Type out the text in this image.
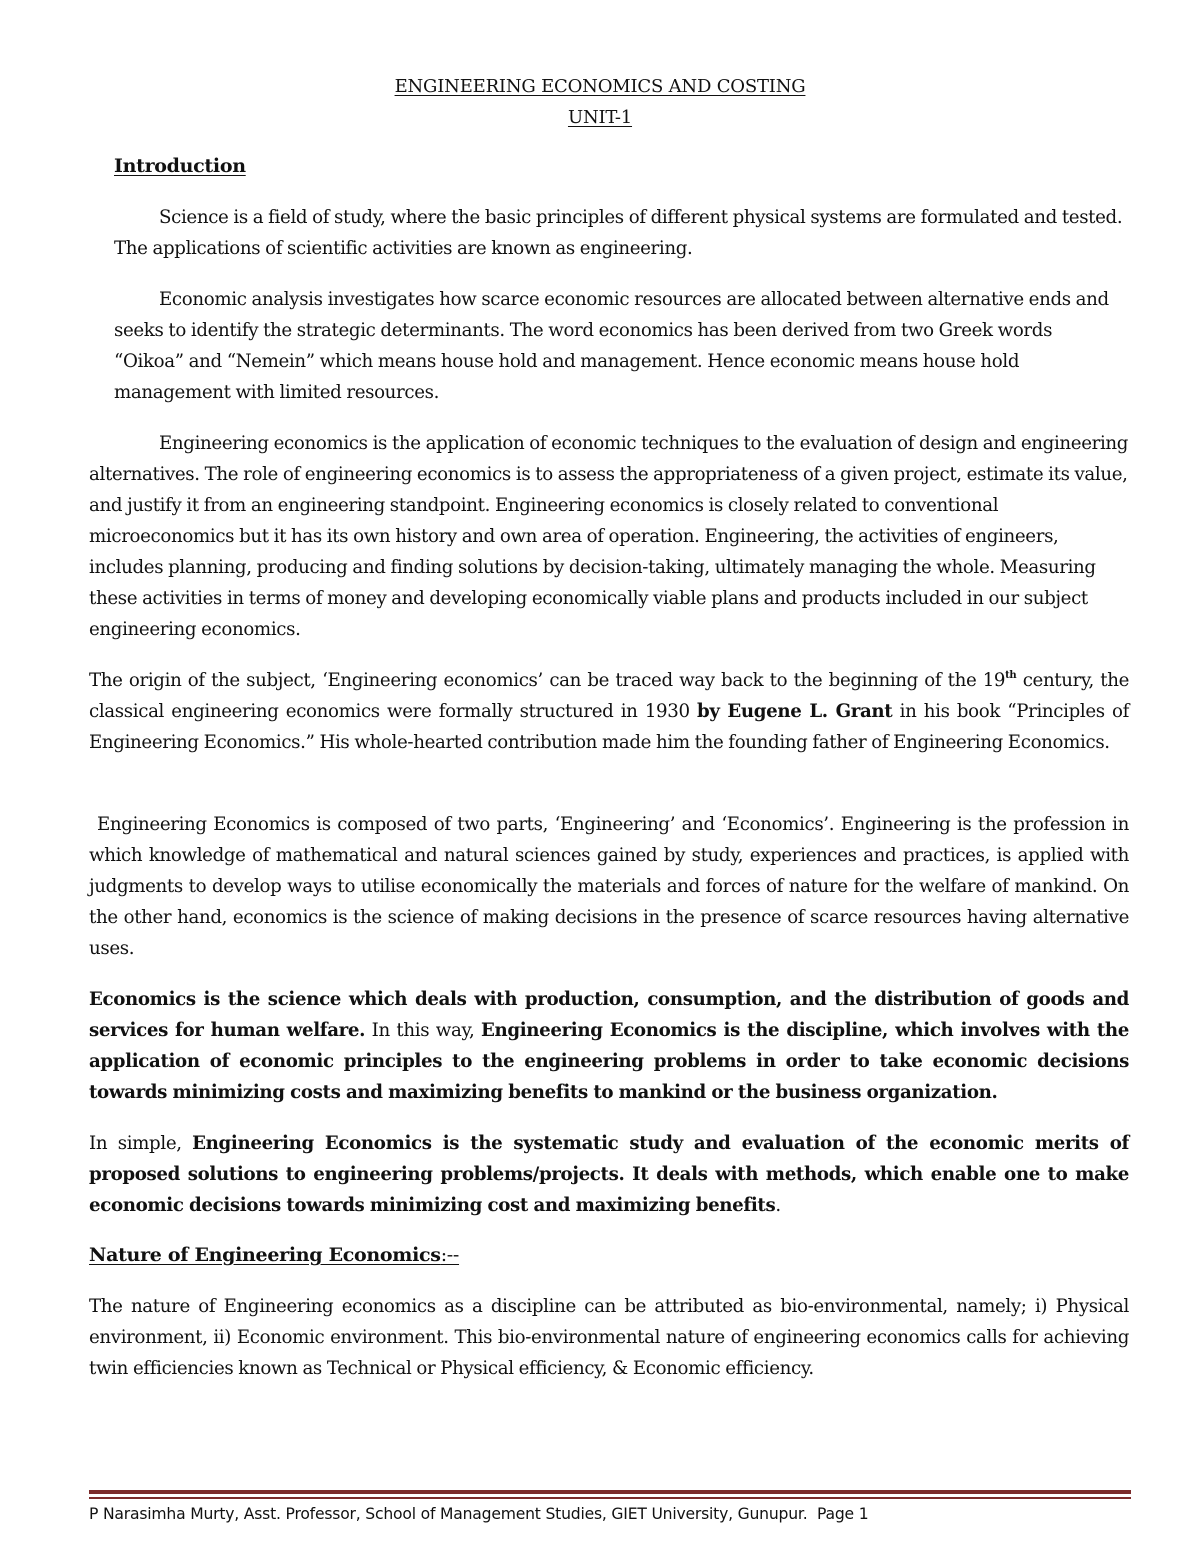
ENGINEERING ECONOMICS AND COSTING
UNIT-1
Introduction

Science is a field of study, where the basic principles of different physical systems are formulated and tested. The applications of scientific activities are known as engineering.

Economic analysis investigates how scarce economic resources are allocated between alternative ends and seeks to identify the strategic determinants. The word economics has been derived from two Greek words “Oikoa” and “Nemein” which means house hold and management. Hence economic means house hold management with limited resources.

Engineering economics is the application of economic techniques to the evaluation of design and engineering alternatives. The role of engineering economics is to assess the appropriateness of a given project, estimate its value, and justify it from an engineering standpoint. Engineering economics is closely related to conventional microeconomics but it has its own history and own area of operation. Engineering, the activities of engineers, includes planning, producing and finding solutions by decision-taking, ultimately managing the whole. Measuring these activities in terms of money and developing economically viable plans and products included in our subject engineering economics.

The origin of the subject, ‘Engineering economics’ can be traced way back to the beginning of the 19th century, the classical engineering economics were formally structured in 1930 by Eugene L. Grant in his book “Principles of Engineering Economics.” His whole-hearted contribution made him the founding father of Engineering Economics.

Engineering Economics is composed of two parts, ‘Engineering’ and ‘Economics’. Engineering is the profession in which knowledge of mathematical and natural sciences gained by study, experiences and practices, is applied with judgments to develop ways to utilise economically the materials and forces of nature for the welfare of mankind. On the other hand, economics is the science of making decisions in the presence of scarce resources having alternative uses.

Economics is the science which deals with production, consumption, and the distribution of goods and services for human welfare. In this way, Engineering Economics is the discipline, which involves with the application of economic principles to the engineering problems in order to take economic decisions towards minimizing costs and maximizing benefits to mankind or the business organization.

In simple, Engineering Economics is the systematic study and evaluation of the economic merits of proposed solutions to engineering problems/projects. It deals with methods, which enable one to make economic decisions towards minimizing cost and maximizing benefits.

Nature of Engineering Economics:--

The nature of Engineering economics as a discipline can be attributed as bio-environmental, namely; i) Physical environment, ii) Economic environment. This bio-environmental nature of engineering economics calls for achieving twin efficiencies known as Technical or Physical efficiency, & Economic efficiency.

P Narasimha Murty, Asst. Professor, School of Management Studies, GIET University, Gunupur. Page 1
